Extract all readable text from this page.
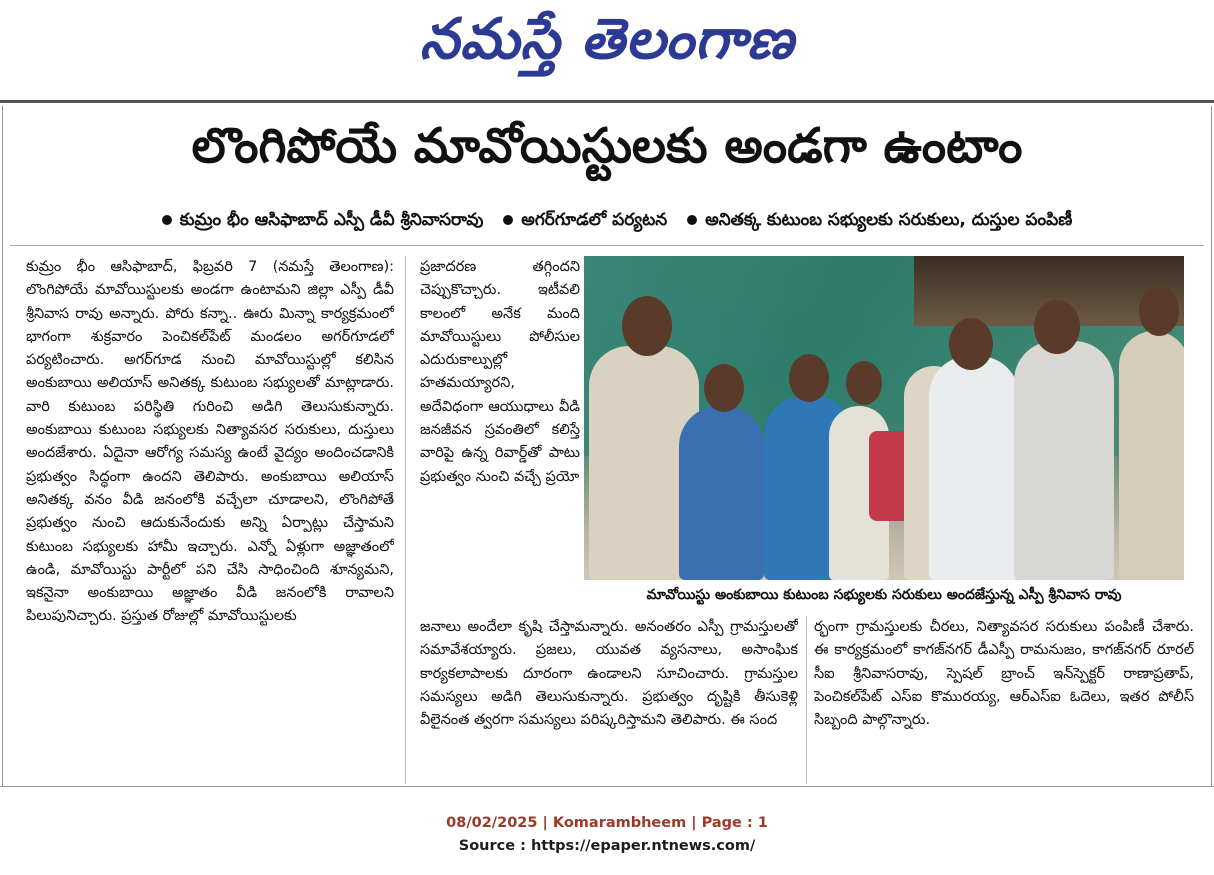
నమస్తే తెలంగాణ
లొంగిపోయే మావోయిస్టులకు అండగా ఉంటాం
కుమ్రం భీం ఆసిఫాబాద్ ఎస్పీ డీవీ శ్రీనివాసరావు అగర్‌గూడలో పర్యటన అనితక్క కుటుంబ సభ్యులకు సరుకులు, దుస్తుల పంపిణీ
కుమ్రం భీం ఆసిఫాబాద్, ఫిబ్రవరి 7 (నమస్తే తెలంగాణ): లొంగిపోయే మావోయిస్టులకు అండగా ఉంటామని జిల్లా ఎస్పీ డీవీ శ్రీనివాస రావు అన్నారు. పోరు కన్నా.. ఊరు మిన్నా కార్యక్రమంలో భాగంగా శుక్రవారం పెంచికల్‌పేట్ మండలం అగర్‌గూడలో పర్యటించారు. అగర్‌గూడ నుంచి మావోయిస్టుల్లో కలిసిన అంకుబాయి అలియాస్ అనితక్క కుటుంబ సభ్యులతో మాట్లాడారు. వారి కుటుంబ పరిస్థితి గురించి అడిగి తెలుసుకున్నారు. అంకుబాయి కుటుంబ సభ్యులకు నిత్యావసర సరుకులు, దుస్తులు అందజేశారు. ఏదైనా ఆరోగ్య సమస్య ఉంటే వైద్యం అందించడానికి ప్రభుత్వం సిద్ధంగా ఉందని తెలిపారు. అంకుబాయి అలియాస్ అనితక్క వనం వీడి జనంలోకి వచ్చేలా చూడాలని, లొంగిపోతే ప్రభుత్వం నుంచి ఆదుకునేందుకు అన్ని ఏర్పాట్లు చేస్తామని కుటుంబ సభ్యులకు హామీ ఇచ్చారు. ఎన్నో ఏళ్లుగా అజ్ఞాతంలో ఉండి, మావోయిస్టు పార్టీలో పని చేసి సాధించింది శూన్యమని, ఇకనైనా అంకుబాయి అజ్ఞాతం వీడి జనంలోకి రావాలని పిలుపునిచ్చారు. ప్రస్తుత రోజుల్లో మావోయిస్టులకు
ప్రజాదరణ తగ్గిందని చెప్పుకొచ్చారు. ఇటీవలి కాలంలో అనేక మంది మావోయిస్టులు పోలీసుల ఎదురుకాల్పుల్లో హతమయ్యారని, అదేవిధంగా ఆయుధాలు వీడి జనజీవన స్రవంతిలో కలిస్తే వారిపై ఉన్న రివార్డ్‌తో పాటు ప్రభుత్వం నుంచి వచ్చే ప్రయో
మావోయిస్టు అంకుబాయి కుటుంబ సభ్యులకు సరుకులు అందజేస్తున్న ఎస్పీ శ్రీనివాస రావు
జనాలు అందేలా కృషి చేస్తామన్నారు. అనంతరం ఎస్పీ గ్రామస్తులతో సమావేశయ్యారు. ప్రజలు, యువత వ్యసనాలు, అసాంఘిక కార్యకలాపాలకు దూరంగా ఉండాలని సూచించారు. గ్రామస్తుల సమస్యలు అడిగి తెలుసుకున్నారు. ప్రభుత్వం దృష్టికి తీసుకెళ్లి వీలైనంత త్వరగా సమస్యలు పరిష్కరిస్తామని తెలిపారు. ఈ సంద
ర్భంగా గ్రామస్తులకు చీరలు, నిత్యావసర సరుకులు పంపిణీ చేశారు. ఈ కార్యక్రమంలో కాగజ్‌నగర్ డీఎస్పీ రామనుజం, కాగజ్‌నగర్ రూరల్ సీఐ శ్రీనివాసరావు, స్పెషల్ బ్రాంచ్ ఇన్‌స్పెక్టర్ రాణాప్రతాప్, పెంచికల్‌పేట్ ఎస్ఐ కొమురయ్య, ఆర్ఎస్ఐ ఓదెలు, ఇతర పోలీస్ సిబ్బంది పాల్గొన్నారు.
08/02/2025 | Komarambheem | Page : 1
Source : https://epaper.ntnews.com/
